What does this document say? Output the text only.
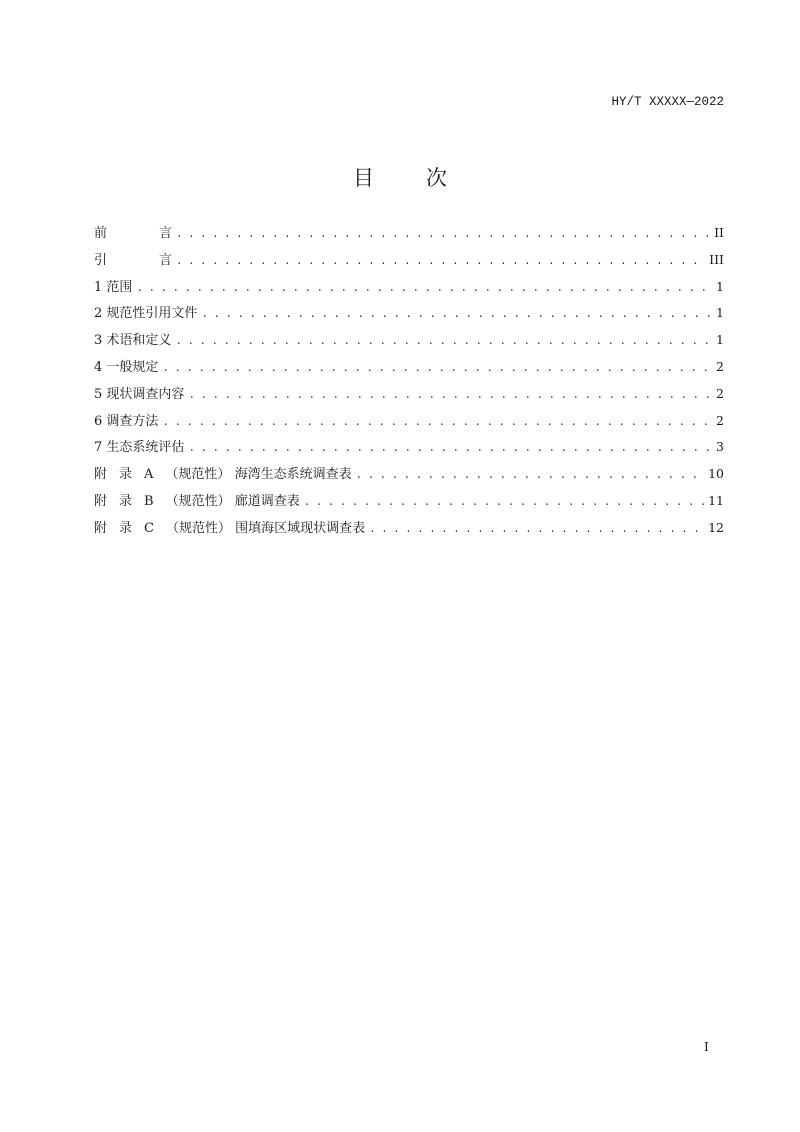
HY/T XXXXX—2022
目 次
前	言 . . .	II
引	言 . . .	III
1 范围 . . .	1
2 规范性引用文件 . . .	1
3 术语和定义 . . .	1
4 一般规定 . . .	2
5 现状调查内容 . . .	2
6 调查方法 . . .	2
7 生态系统评估 . . .	3
附 录 A （规范性） 海湾生态系统调查表 . . .	10
附 录 B （规范性） 廊道调查表 . . .	11
附 录 C （规范性） 围填海区域现状调查表 . . .	12
I
